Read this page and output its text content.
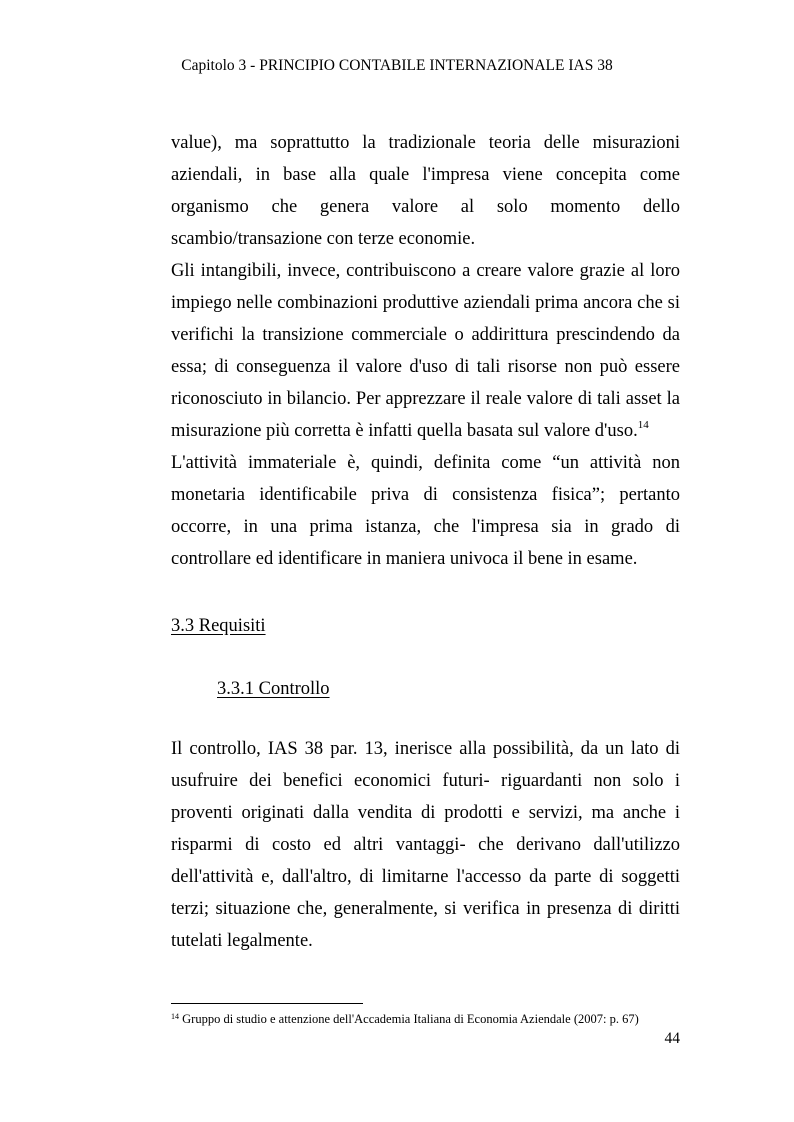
Capitolo 3 - PRINCIPIO CONTABILE INTERNAZIONALE IAS 38

value), ma soprattutto la tradizionale teoria delle misurazioni aziendali, in base alla quale l'impresa viene concepita come organismo che genera valore al solo momento dello scambio/transazione con terze economie.

Gli intangibili, invece, contribuiscono a creare valore grazie al loro impiego nelle combinazioni produttive aziendali prima ancora che si verifichi la transizione commerciale o addirittura prescindendo da essa; di conseguenza il valore d'uso di tali risorse non può essere riconosciuto in bilancio. Per apprezzare il reale valore di tali asset la misurazione più corretta è infatti quella basata sul valore d'uso.$^{14}$

L'attività immateriale è, quindi, definita come “un attività non monetaria identificabile priva di consistenza fisica”; pertanto occorre, in una prima istanza, che l'impresa sia in grado di controllare ed identificare in maniera univoca il bene in esame.

3.3 Requisiti
3.3.1 Controllo

Il controllo, IAS 38 par. 13, inerisce alla possibilità, da un lato di usufruire dei benefici economici futuri- riguardanti non solo i proventi originati dalla vendita di prodotti e servizi, ma anche i risparmi di costo ed altri vantaggi- che derivano dall'utilizzo dell'attività e, dall'altro, di limitarne l'accesso da parte di soggetti terzi; situazione che, generalmente, si verifica in presenza di diritti tutelati legalmente.

$^{14}$ Gruppo di studio e attenzione dell'Accademia Italiana di Economia Aziendale (2007: p. 67)
44
